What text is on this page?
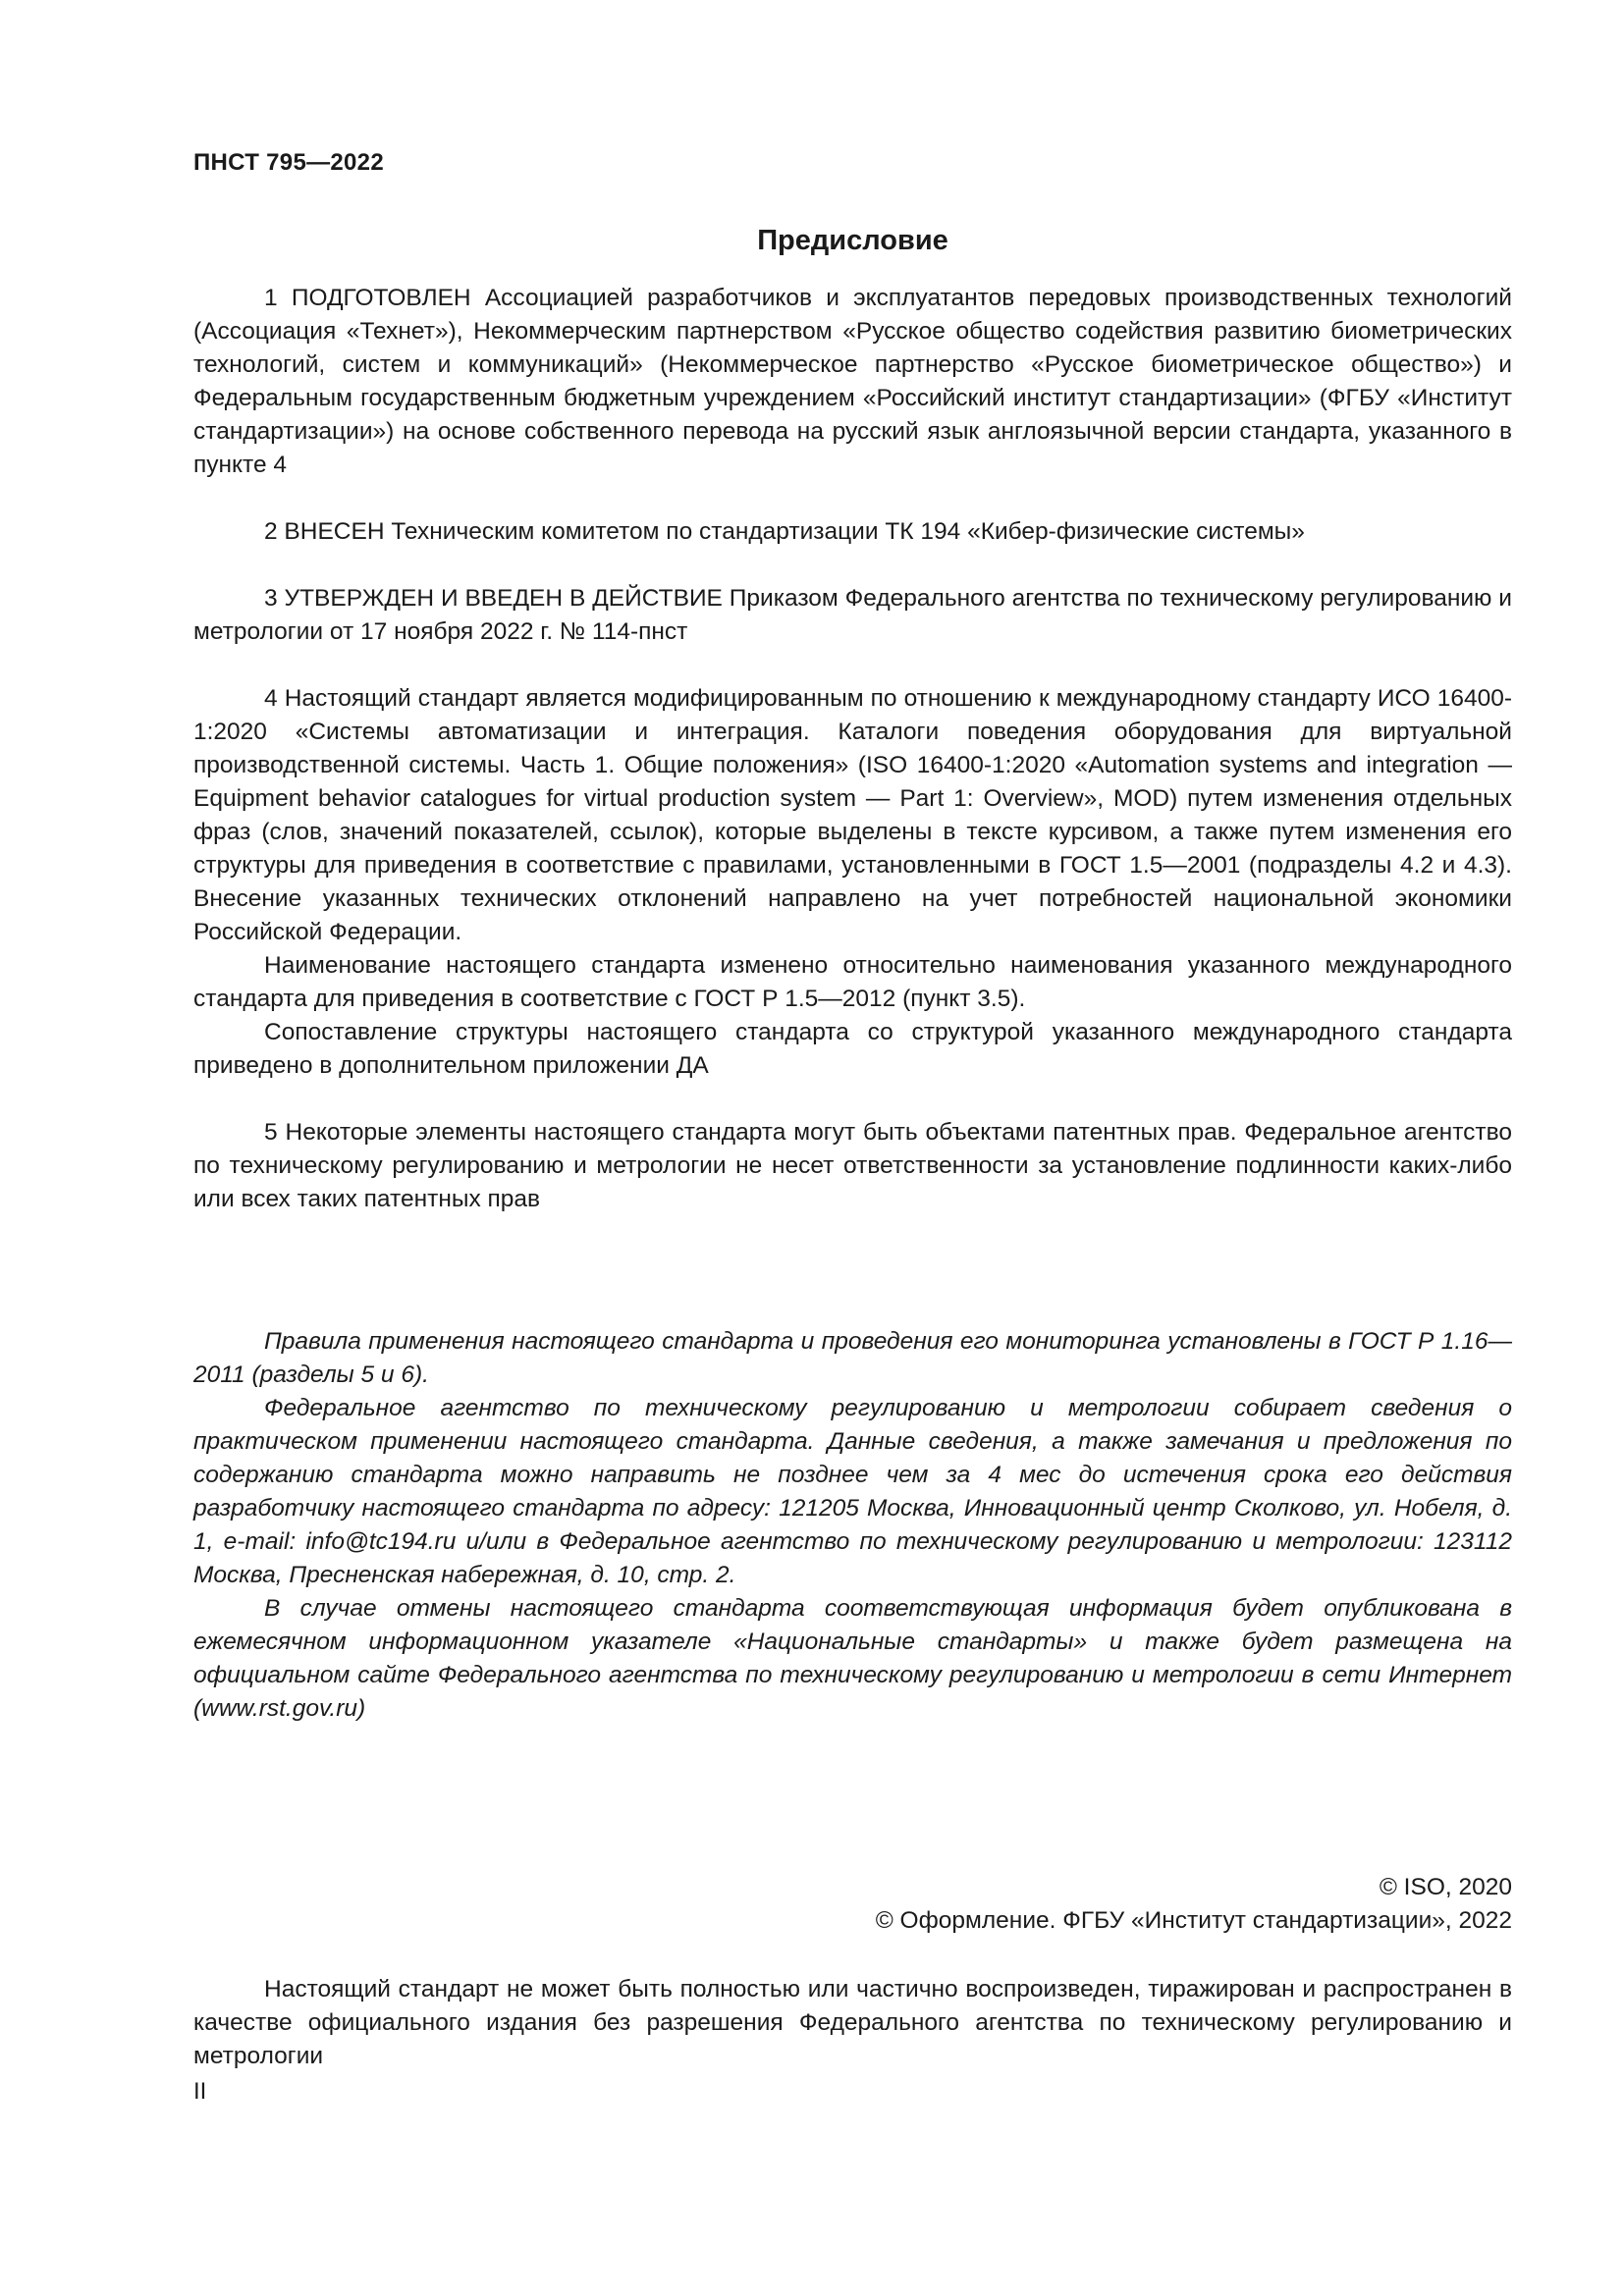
ПНСТ 795—2022
Предисловие

1 ПОДГОТОВЛЕН Ассоциацией разработчиков и эксплуатантов передовых производственных технологий (Ассоциация «Технет»), Некоммерческим партнерством «Русское общество содействия развитию биометрических технологий, систем и коммуникаций» (Некоммерческое партнерство «Русское биометрическое общество») и Федеральным государственным бюджетным учреждением «Российский институт стандартизации» (ФГБУ «Институт стандартизации») на основе собственного перевода на русский язык англоязычной версии стандарта, указанного в пункте 4

2 ВНЕСЕН Техническим комитетом по стандартизации ТК 194 «Кибер-физические системы»

3 УТВЕРЖДЕН И ВВЕДЕН В ДЕЙСТВИЕ Приказом Федерального агентства по техническому регулированию и метрологии от 17 ноября 2022 г. № 114-пнст

4 Настоящий стандарт является модифицированным по отношению к международному стандарту ИСО 16400-1:2020 «Системы автоматизации и интеграция. Каталоги поведения оборудования для виртуальной производственной системы. Часть 1. Общие положения» (ISO 16400-1:2020 «Automation systems and integration — Equipment behavior catalogues for virtual production system — Part 1: Overview», MOD) путем изменения отдельных фраз (слов, значений показателей, ссылок), которые выделены в тексте курсивом, а также путем изменения его структуры для приведения в соответствие с правилами, установленными в ГОСТ 1.5—2001 (подразделы 4.2 и 4.3). Внесение указанных технических отклонений направлено на учет потребностей национальной экономики Российской Федерации.

Наименование настоящего стандарта изменено относительно наименования указанного международного стандарта для приведения в соответствие с ГОСТ Р 1.5—2012 (пункт 3.5).

Сопоставление структуры настоящего стандарта со структурой указанного международного стандарта приведено в дополнительном приложении ДА

5 Некоторые элементы настоящего стандарта могут быть объектами патентных прав. Федеральное агентство по техническому регулированию и метрологии не несет ответственности за установление подлинности каких-либо или всех таких патентных прав

Правила применения настоящего стандарта и проведения его мониторинга установлены в ГОСТ Р 1.16—2011 (разделы 5 и 6).

Федеральное агентство по техническому регулированию и метрологии собирает сведения о практическом применении настоящего стандарта. Данные сведения, а также замечания и предложения по содержанию стандарта можно направить не позднее чем за 4 мес до истечения срока его действия разработчику настоящего стандарта по адресу: 121205 Москва, Инновационный центр Сколково, ул. Нобеля, д. 1, e-mail: info@tc194.ru и/или в Федеральное агентство по техническому регулированию и метрологии: 123112 Москва, Пресненская набережная, д. 10, стр. 2.

В случае отмены настоящего стандарта соответствующая информация будет опубликована в ежемесячном информационном указателе «Национальные стандарты» и также будет размещена на официальном сайте Федерального агентства по техническому регулированию и метрологии в сети Интернет (www.rst.gov.ru)

© ISO, 2020
© Оформление. ФГБУ «Институт стандартизации», 2022

Настоящий стандарт не может быть полностью или частично воспроизведен, тиражирован и распространен в качестве официального издания без разрешения Федерального агентства по техническому регулированию и метрологии

II
